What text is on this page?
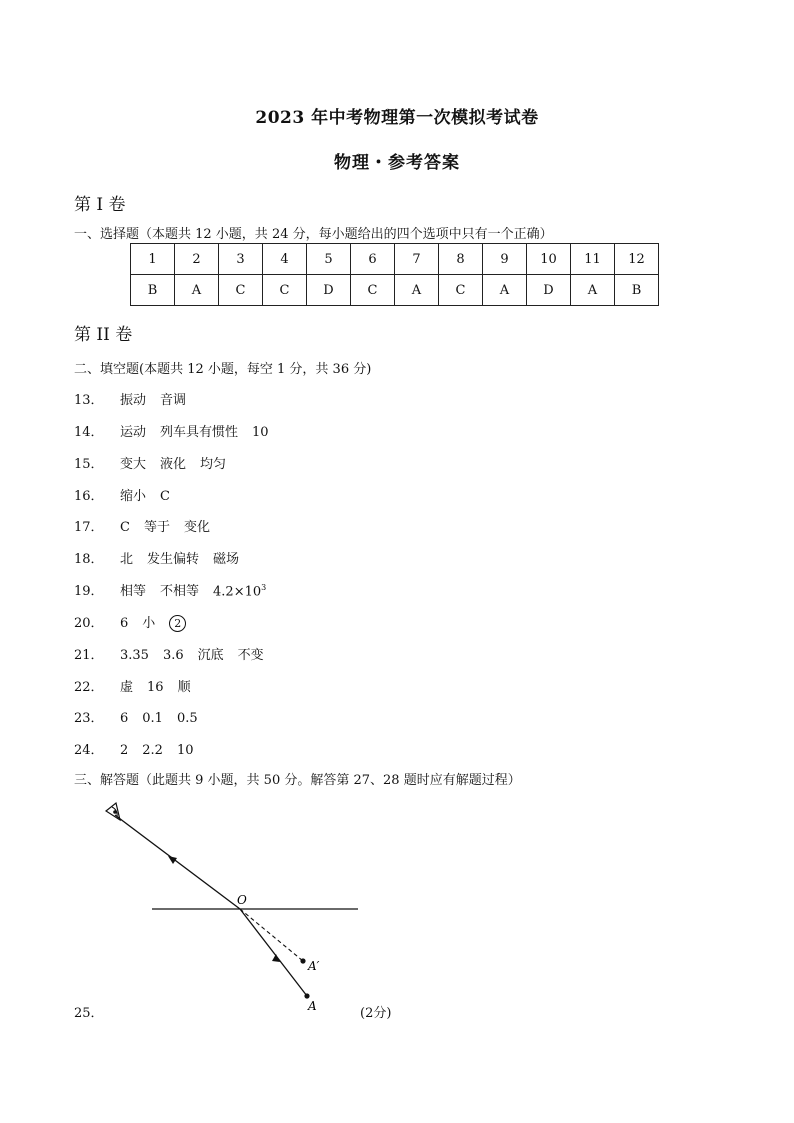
2023 年中考物理第一次模拟考试卷
物理・参考答案
第 I 卷
一、选择题（本题共 12 小题，共 24 分，每小题给出的四个选项中只有一个正确）
1	2	3	4	5	6	7	8	9	10	11	12
B	A	C	C	D	C	A	C	A	D	A	B
第 II 卷
二、填空题(本题共 12 小题，每空 1 分，共 36 分)
13．	振动 音调
14．	运动 列车具有惯性 10
15．	变大 液化 均匀
16．	缩小 C
17．	C 等于 变化
18．	北 发生偏转 磁场
19．	相等 不相等 $4.2\times 10^3$
20．	6 小	2
21．	3.35 3.6 沉底 不变
22．	虚 16 顺
23．	6 0.1 0.5
24．	2 2.2 10
三、解答题（此题共 9 小题，共 50 分。解答第 27、28 题时应有解题过程）
O
A
A′
25．	(2分)
